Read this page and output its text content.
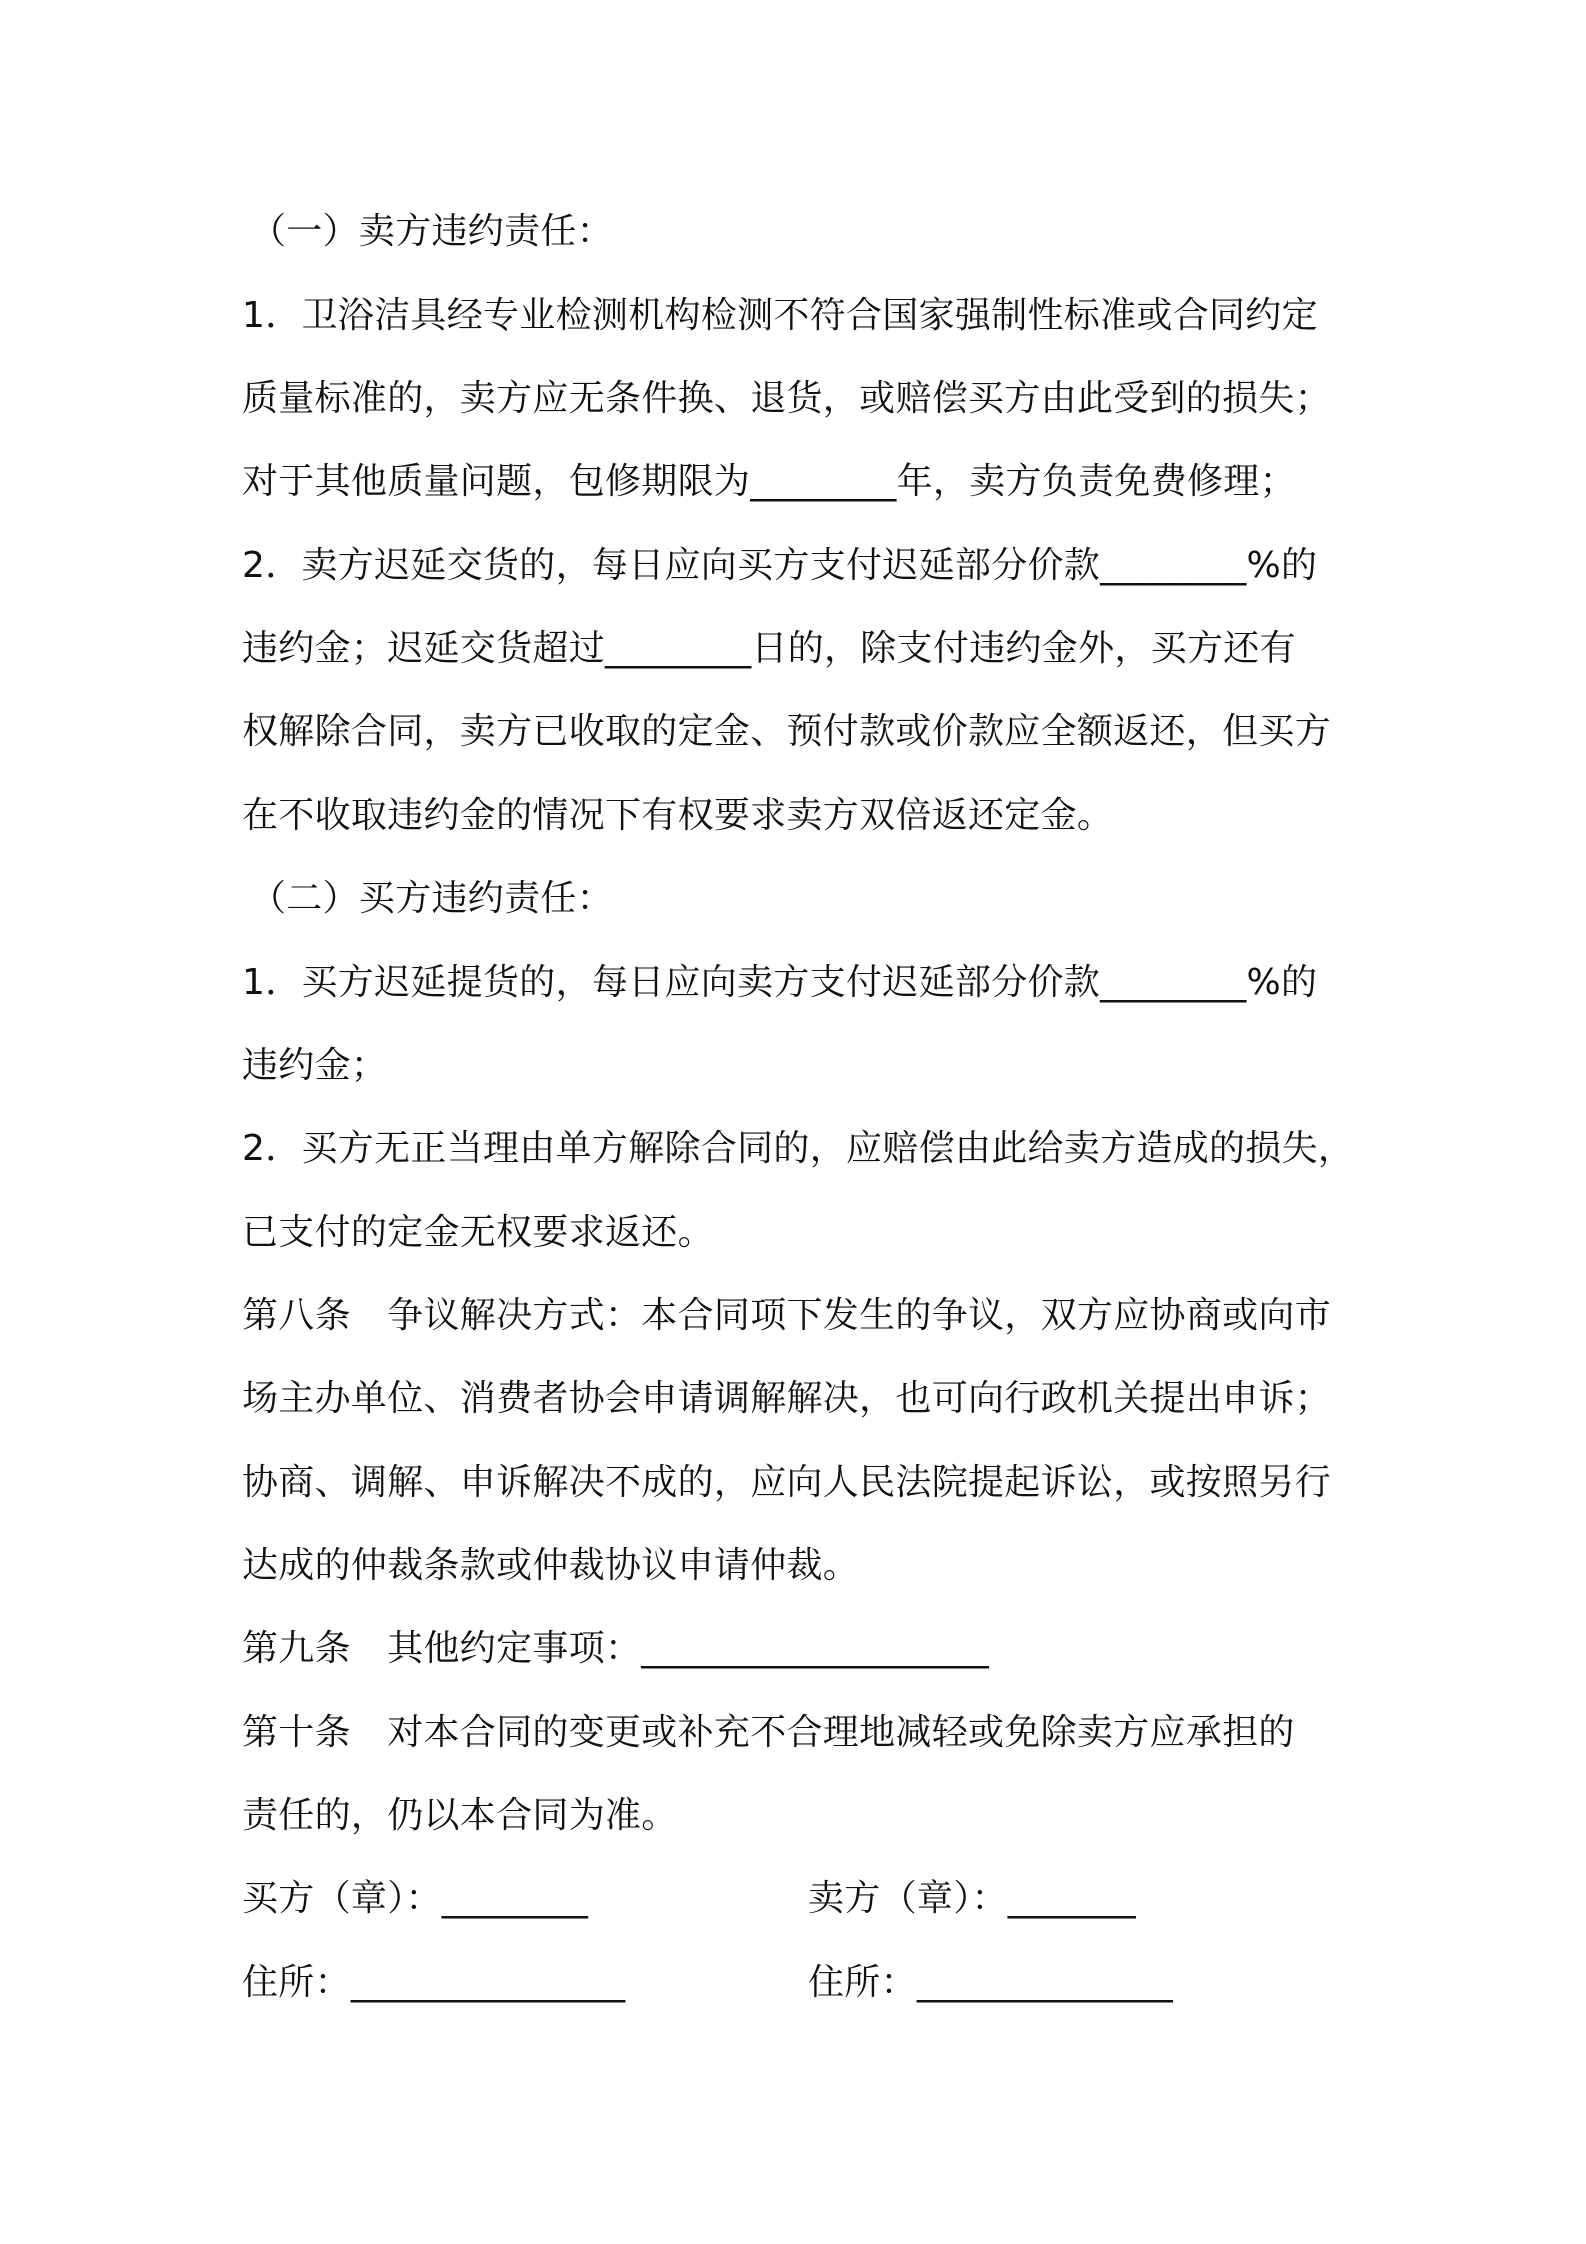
（一）卖方违约责任：
1．卫浴洁具经专业检测机构检测不符合国家强制性标准或合同约定
质量标准的，卖方应无条件换、退货，或赔偿买方由此受到的损失；
对于其他质量问题，包修期限为________年，卖方负责免费修理；
2．卖方迟延交货的，每日应向买方支付迟延部分价款________%的
违约金；迟延交货超过________日的，除支付违约金外，买方还有
权解除合同，卖方已收取的定金、预付款或价款应全额返还，但买方
在不收取违约金的情况下有权要求卖方双倍返还定金。
（二）买方违约责任：
1．买方迟延提货的，每日应向卖方支付迟延部分价款________%的
违约金；
2．买方无正当理由单方解除合同的，应赔偿由此给卖方造成的损失，
已支付的定金无权要求返还。
第八条　争议解决方式：本合同项下发生的争议，双方应协商或向市
场主办单位、消费者协会申请调解解决，也可向行政机关提出申诉；
协商、调解、申诉解决不成的，应向人民法院提起诉讼，或按照另行
达成的仲裁条款或仲裁协议申请仲裁。
第九条　其他约定事项：___________________
第十条　对本合同的变更或补充不合理地减轻或免除卖方应承担的
责任的，仍以本合同为准。
买方（章）：________	卖方（章）：_______
住所：_______________	住所：______________
